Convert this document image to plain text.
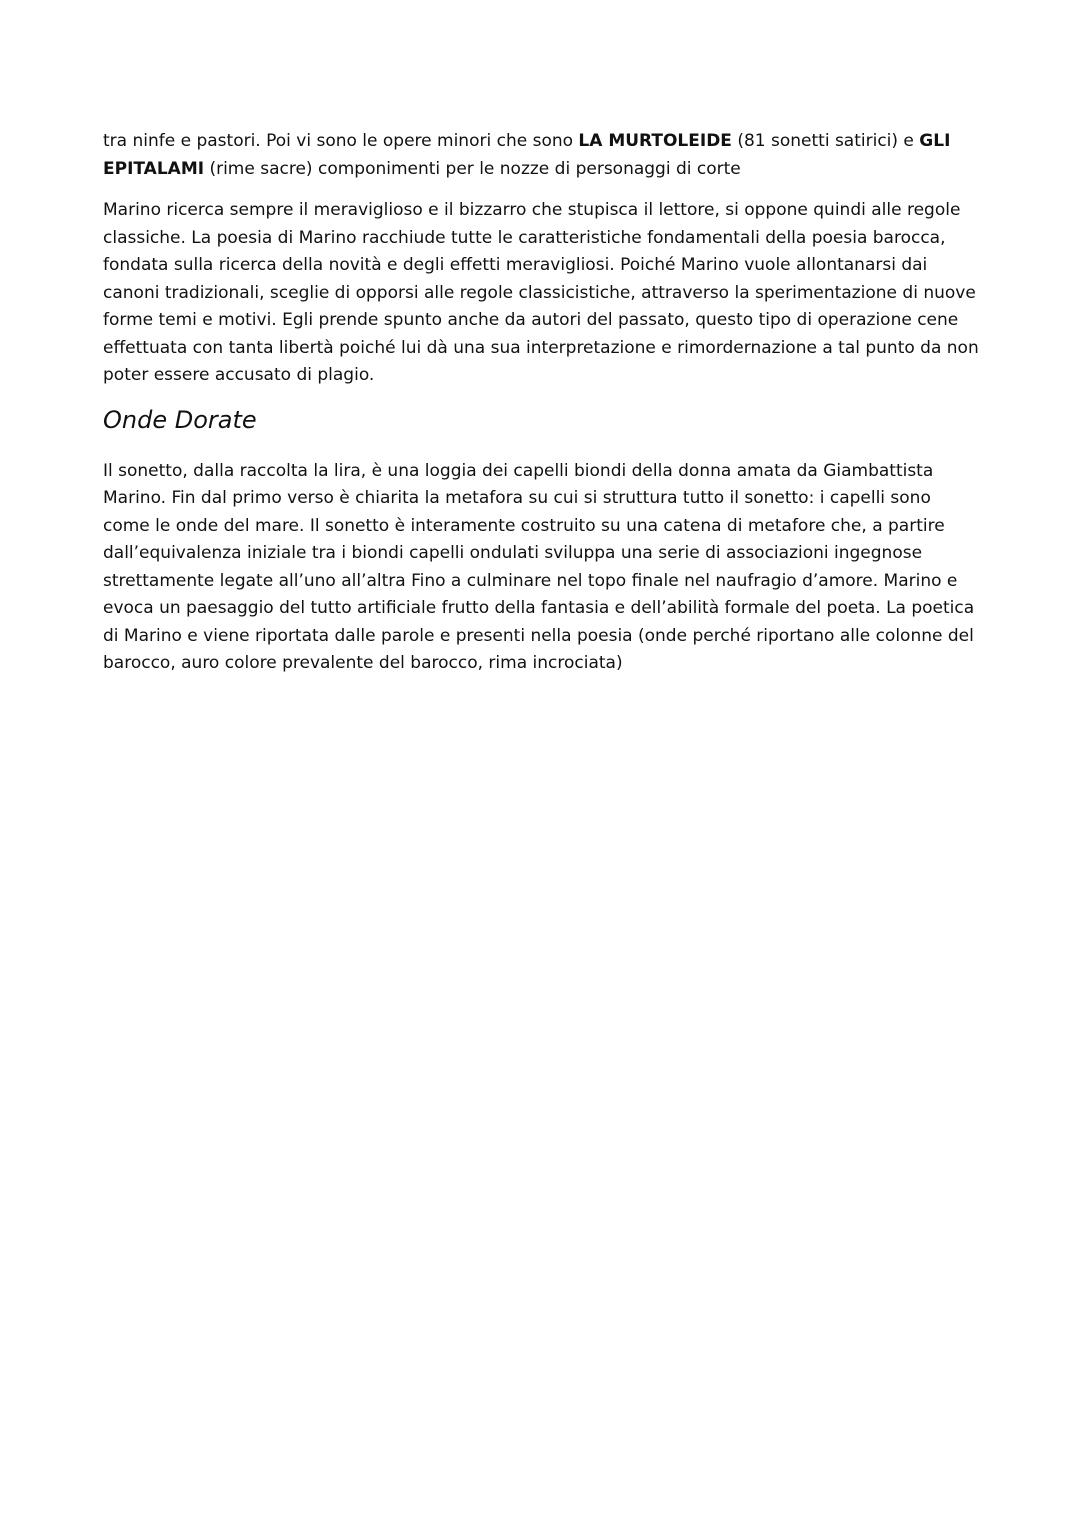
tra ninfe e pastori. Poi vi sono le opere minori che sono LA MURTOLEIDE (81 sonetti satirici) e GLI EPITALAMI (rime sacre) componimenti per le nozze di personaggi di corte

Marino ricerca sempre il meraviglioso e il bizzarro che stupisca il lettore, si oppone quindi alle regole classiche. La poesia di Marino racchiude tutte le caratteristiche fondamentali della poesia barocca, fondata sulla ricerca della novità e degli effetti meravigliosi. Poiché Marino vuole allontanarsi dai canoni tradizionali, sceglie di opporsi alle regole classicistiche, attraverso la sperimentazione di nuove forme temi e motivi. Egli prende spunto anche da autori del passato, questo tipo di operazione cene effettuata con tanta libertà poiché lui dà una sua interpretazione e rimordernazione a tal punto da non poter essere accusato di plagio.

Onde Dorate

Il sonetto, dalla raccolta la lira, è una loggia dei capelli biondi della donna amata da Giambattista Marino. Fin dal primo verso è chiarita la metafora su cui si struttura tutto il sonetto: i capelli sono come le onde del mare. Il sonetto è interamente costruito su una catena di metafore che, a partire dall’equivalenza iniziale tra i biondi capelli ondulati sviluppa una serie di associazioni ingegnose strettamente legate all’uno all’altra Fino a culminare nel topo finale nel naufragio d’amore. Marino e evoca un paesaggio del tutto artificiale frutto della fantasia e dell’abilità formale del poeta. La poetica di Marino e viene riportata dalle parole e presenti nella poesia (onde perché riportano alle colonne del barocco, auro colore prevalente del barocco, rima incrociata)
